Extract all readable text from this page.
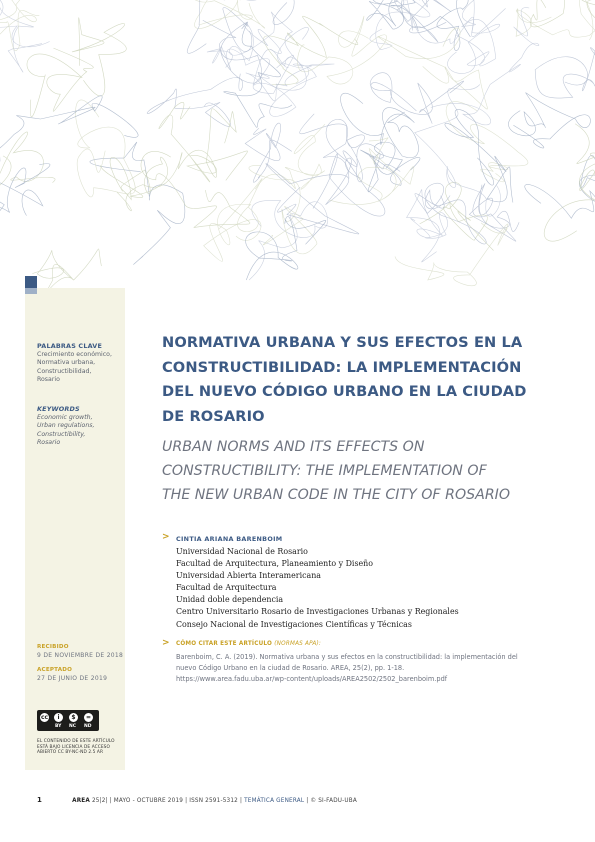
PALABRAS CLAVE
Crecimiento económico,
Normativa urbana,
Constructibilidad,
Rosario
KEYWORDS
Economic growth,
Urban regulations,
Constructibility,
Rosario
RECIBIDO
9 DE NOVIEMBRE DE 2018
ACEPTADO
27 DE JUNIO DE 2019
cc	i	$	=
BY NC ND
EL CONTENIDO DE ESTE ARTÍCULO
ESTÁ BAJO LICENCIA DE ACCESO
ABIERTO CC BY-NC-ND 2.5 AR
NORMATIVA URBANA Y SUS EFECTOS EN LA
CONSTRUCTIBILIDAD: LA IMPLEMENTACIÓN
DEL NUEVO CÓDIGO URBANO EN LA CIUDAD
DE ROSARIO
URBAN NORMS AND ITS EFFECTS ON
CONSTRUCTIBILITY: THE IMPLEMENTATION OF
THE NEW URBAN CODE IN THE CITY OF ROSARIO
> CINTIA ARIANA BARENBOIM
Universidad Nacional de Rosario
Facultad de Arquitectura, Planeamiento y Diseño
Universidad Abierta Interamericana
Facultad de Arquitectura
Unidad doble dependencia
Centro Universitario Rosario de Investigaciones Urbanas y Regionales
Consejo Nacional de Investigaciones Científicas y Técnicas
> CÓMO CITAR ESTE ARTÍCULO (NORMAS APA):
Barenboim, C. A. (2019). Normativa urbana y sus efectos en la constructibilidad: la implementación del
nuevo Código Urbano en la ciudad de Rosario. AREA, 25(2), pp. 1-18.
https://www.area.fadu.uba.ar/wp-content/uploads/AREA2502/2502_barenboim.pdf
1	AREA 25|2| | MAYO - OCTUBRE 2019 | ISSN 2591-5312 | TEMÁTICA GENERAL | © SI-FADU-UBA
